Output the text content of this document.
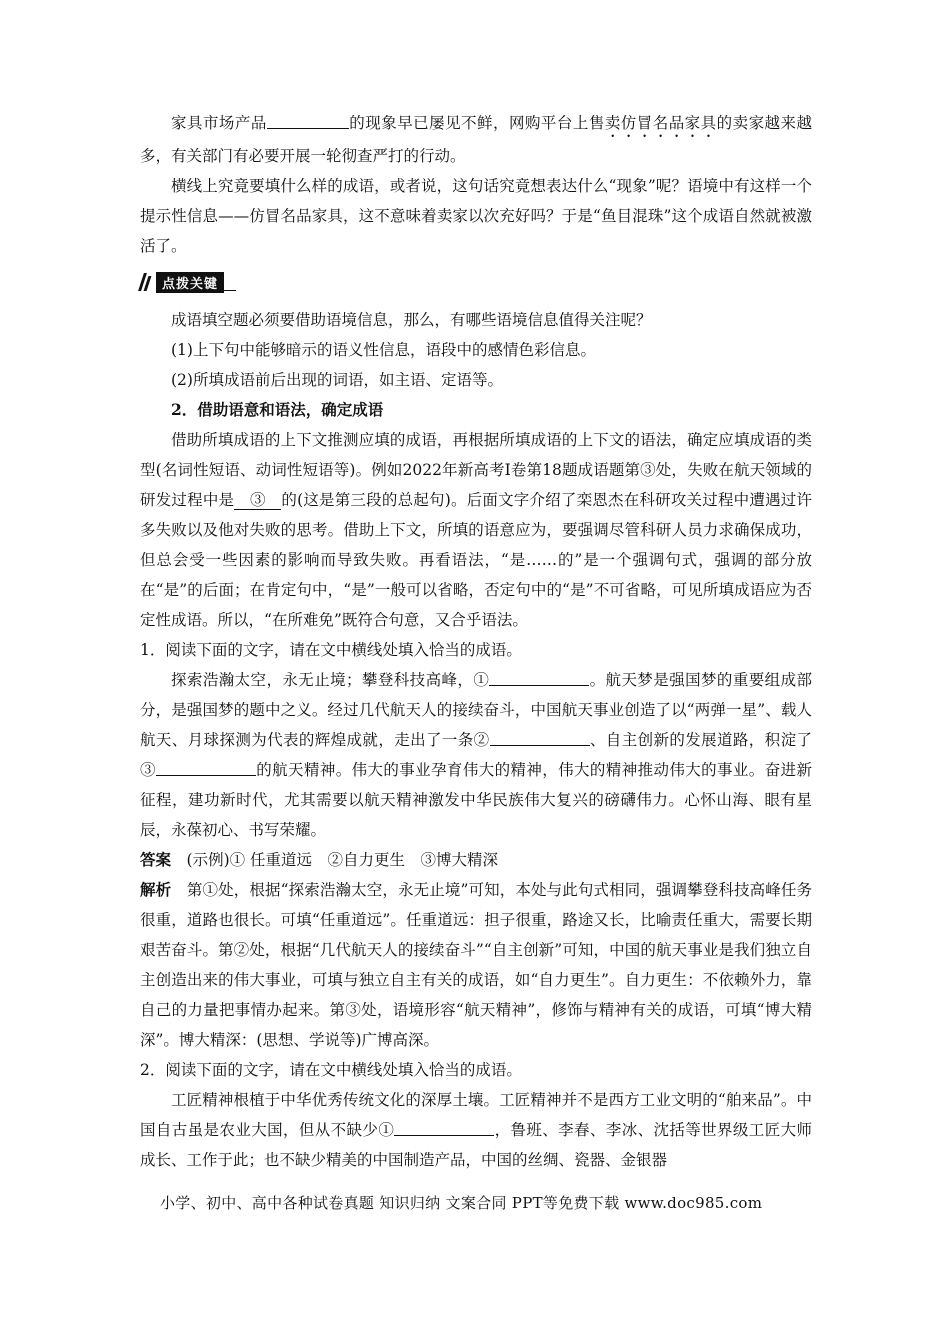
家具市场产品	的现象早已屡见不鲜，网购平台上售卖仿冒名品家具的卖家越来越多，有关部门有必要开展一轮彻查严打的行动。

横线上究竟要填什么样的成语，或者说，这句话究竟想表达什么“现象”呢？语境中有这样一个提示性信息——仿冒名品家具，这不意味着卖家以次充好吗？于是“鱼目混珠”这个成语自然就被激活了。

点拨关键

成语填空题必须要借助语境信息，那么，有哪些语境信息值得关注呢？

(1)上下句中能够暗示的语义性信息，语段中的感情色彩信息。

(2)所填成语前后出现的词语，如主语、定语等。

2．借助语意和语法，确定成语

借助所填成语的上下文推测应填的成语，再根据所填成语的上下文的语法，确定应填成语的类型(名词性短语、动词性短语等)。例如2022年新高考Ⅰ卷第18题成语题第③处，失败在航天领域的研发过程中是   ③   的(这是第三段的总起句)。后面文字介绍了栾恩杰在科研攻关过程中遭遇过许多失败以及他对失败的思考。借助上下文，所填的语意应为，要强调尽管科研人员力求确保成功，但总会受一些因素的影响而导致失败。再看语法，“是……的”是一个强调句式，强调的部分放在“是”的后面；在肯定句中，“是”一般可以省略，否定句中的“是”不可省略，可见所填成语应为否定性成语。所以，“在所难免”既符合句意，又合乎语法。

1．阅读下面的文字，请在文中横线处填入恰当的成语。

探索浩瀚太空，永无止境；攀登科技高峰，①	。航天梦是强国梦的重要组成部分，是强国梦的题中之义。经过几代航天人的接续奋斗，中国航天事业创造了以“两弹一星”、载人航天、月球探测为代表的辉煌成就，走出了一条②	、自主创新的发展道路，积淀了③	的航天精神。伟大的事业孕育伟大的精神，伟大的精神推动伟大的事业。奋进新征程，建功新时代，尤其需要以航天精神激发中华民族伟大复兴的磅礴伟力。心怀山海、眼有星辰，永葆初心、书写荣耀。

答案　 (示例)① 任重道远　②自力更生　③博大精深

解析　 第①处，根据“探索浩瀚太空，永无止境”可知，本处与此句式相同，强调攀登科技高峰任务很重，道路也很长。可填“任重道远”。任重道远：担子很重，路途又长，比喻责任重大，需要长期艰苦奋斗。第②处，根据“几代航天人的接续奋斗”“自主创新”可知，中国的航天事业是我们独立自主创造出来的伟大事业，可填与独立自主有关的成语，如“自力更生”。自力更生：不依赖外力，靠自己的力量把事情办起来。第③处，语境形容“航天精神”，修饰与精神有关的成语，可填“博大精深”。博大精深：(思想、学说等)广博高深。

2．阅读下面的文字，请在文中横线处填入恰当的成语。

工匠精神根植于中华优秀传统文化的深厚土壤。工匠精神并不是西方工业文明的“舶来品”。中国自古虽是农业大国，但从不缺少①	，鲁班、李春、李冰、沈括等世界级工匠大师成长、工作于此；也不缺少精美的中国制造产品，中国的丝绸、瓷器、金银器

小学、初中、高中各种试卷真题 知识归纳 文案合同 PPT等免费下载 www.doc985.com
